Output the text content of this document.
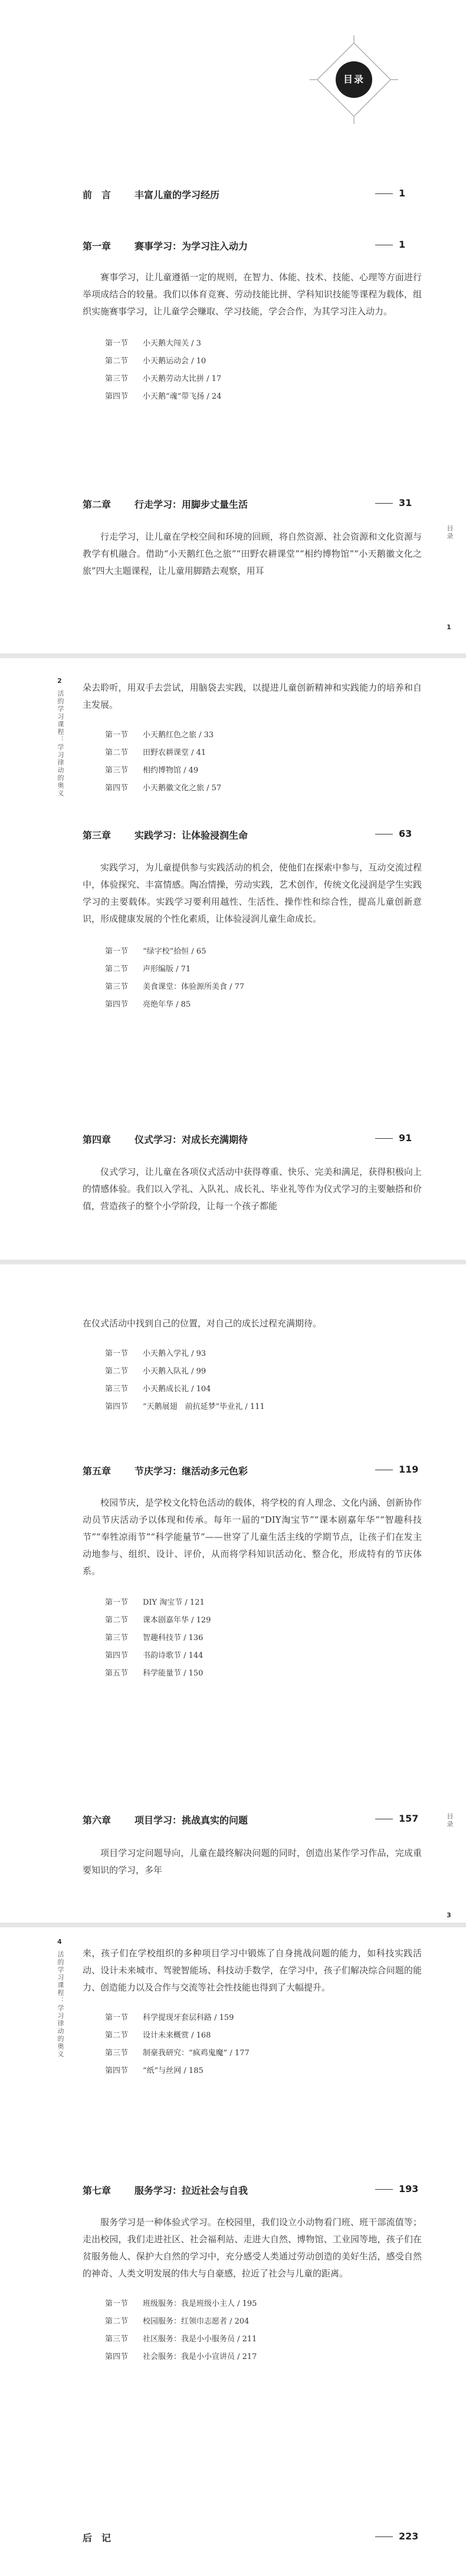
目录
前　言 丰富儿童的学习经历	1
第一章 赛事学习：为学习注入动力	1

赛事学习，让儿童遵循一定的规则，在智力、体能、技术、技能、心理等方面进行举项成结合的较量。我们以体育竞赛、劳动技能比拼、学科知识技能等课程为载体，组织实施赛事学习，让儿童学会赚取、学习技能，学会合作，为其学习注入动力。

第一节 小天鹅大闯关 / 3
第二节 小天鹅运动会 / 10
第三节 小天鹅劳动大比拼 / 17
第四节 小天鹅“魂”带飞扬 / 24
第二章 行走学习：用脚步丈量生活	31

行走学习，让儿童在学校空间和环境的回顾，将自然资源、社会资源和文化资源与教学有机融合。借助“小天鹅红色之旅”“田野农耕课堂”“相约博物馆”“小天鹅徽文化之旅”四大主题课程，让儿童用脚踏去观察，用耳

目录
1
2
活的学习课程：学习律动的奥义

朵去聆听，用双手去尝试，用脑袋去实践，以提进儿童创新精神和实践能力的培养和自主发展。

第一节 小天鹅红色之旅 / 33
第二节 田野农耕课堂 / 41
第三节 相约博物馆 / 49
第四节 小天鹅徽文化之旅 / 57
第三章 实践学习：让体验浸润生命	63

实践学习，为儿童提供参与实践活动的机会，使他们在探索中参与，互动交流过程中，体验探究、丰富情感。陶冶情操，劳动实践，艺术创作，传统文化浸润是学生实践学习的主要载体。实践学习要利用越性、生活性、操作性和综合性，提高儿童创新意识，形成健康发展的个性化素质，让体验浸润儿童生命成长。

第一节 “绿字校”拾恒 / 65
第二节 声形编版 / 71
第三节 美食课堂：体验源所美食 / 77
第四节 亮绝年华 / 85
第四章 仪式学习：对成长充满期待	91

仪式学习，让儿童在各项仪式活动中获得尊重、快乐、完美和满足，获得积极向上的情感体验。我们以入学礼、入队礼、成长礼、毕业礼等作为仪式学习的主要触搭和价值，营造孩子的整个小学阶段，让每一个孩子都能

在仪式活动中找到自己的位置，对自己的成长过程充满期待。

第一节 小天鹅入学礼 / 93
第二节 小天鹅入队礼 / 99
第三节 小天鹅成长礼 / 104
第四节 “天鹅展翅　前抗延梦”毕业礼 / 111
第五章 节庆学习：继活动多元色彩	119

校园节庆，是学校文化特色活动的载体，将学校的育人理念、文化内涵、创新协作动员节庆活动予以体现和传承。每年一届的“DIY淘宝节”“课本剧嘉年华”“智趣科技节”“奉牲凉雨节”“科学能量节”——世穿了儿童生活主线的学期节点，让孩子们在发主动地参与、组织、设计、评价，从而将学科知识活动化、整合化，形成特有的节庆体系。

第一节 DIY 淘宝节 / 121
第二节 课本剧嘉年华 / 129
第三节 智趣科技节 / 136
第四节 书韵诗歌节 / 144
第五节 科学能量节 / 150
第六章 项目学习：挑战真实的问题	157

项目学习定问题导向，儿童在最终解决问题的同时，创造出某作学习作品，完成重要知识的学习，多年

目录
3
4
活的学习课程：学习律动的奥义 来，孩子们在学校组织的多种项目学习中锻炼了自身挑战问题的能力，如科技实践活动、设计未来城市、驾驶智能场、科技动手数学，在学习中，孩子们解决综合问题的能力、创造能力以及合作与交流等社会性技能也得到了大幅提升。

第一节 科学提现牙套层科路 / 159
第二节 设计未来概赏 / 168
第三节 制豪我研究：“疯鸡鬼魔” / 177
第四节 “纸”与丝网 / 185
第七章 服务学习：拉近社会与自我	193

服务学习是一种体验式学习。在校园里，我们设立小动物看门班、班干部流值等；走出校园，我们走进社区、社会福利站、走进大自然、博物馆、工业园等地，孩子们在贫服务他人、保护大自然的学习中，充分感受人类通过劳动创造的美好生活，感受自然的神奇、人类文明发展的伟大与自豪感，拉近了社会与儿童的距离。

第一节 班级服务：我是班级小主人 / 195
第二节 校园服务：红领巾志愿者 / 204
第三节 社区服务：我是小小服务员 / 211
第四节 社会服务：我是小小宣讲员 / 217
后　记	223
